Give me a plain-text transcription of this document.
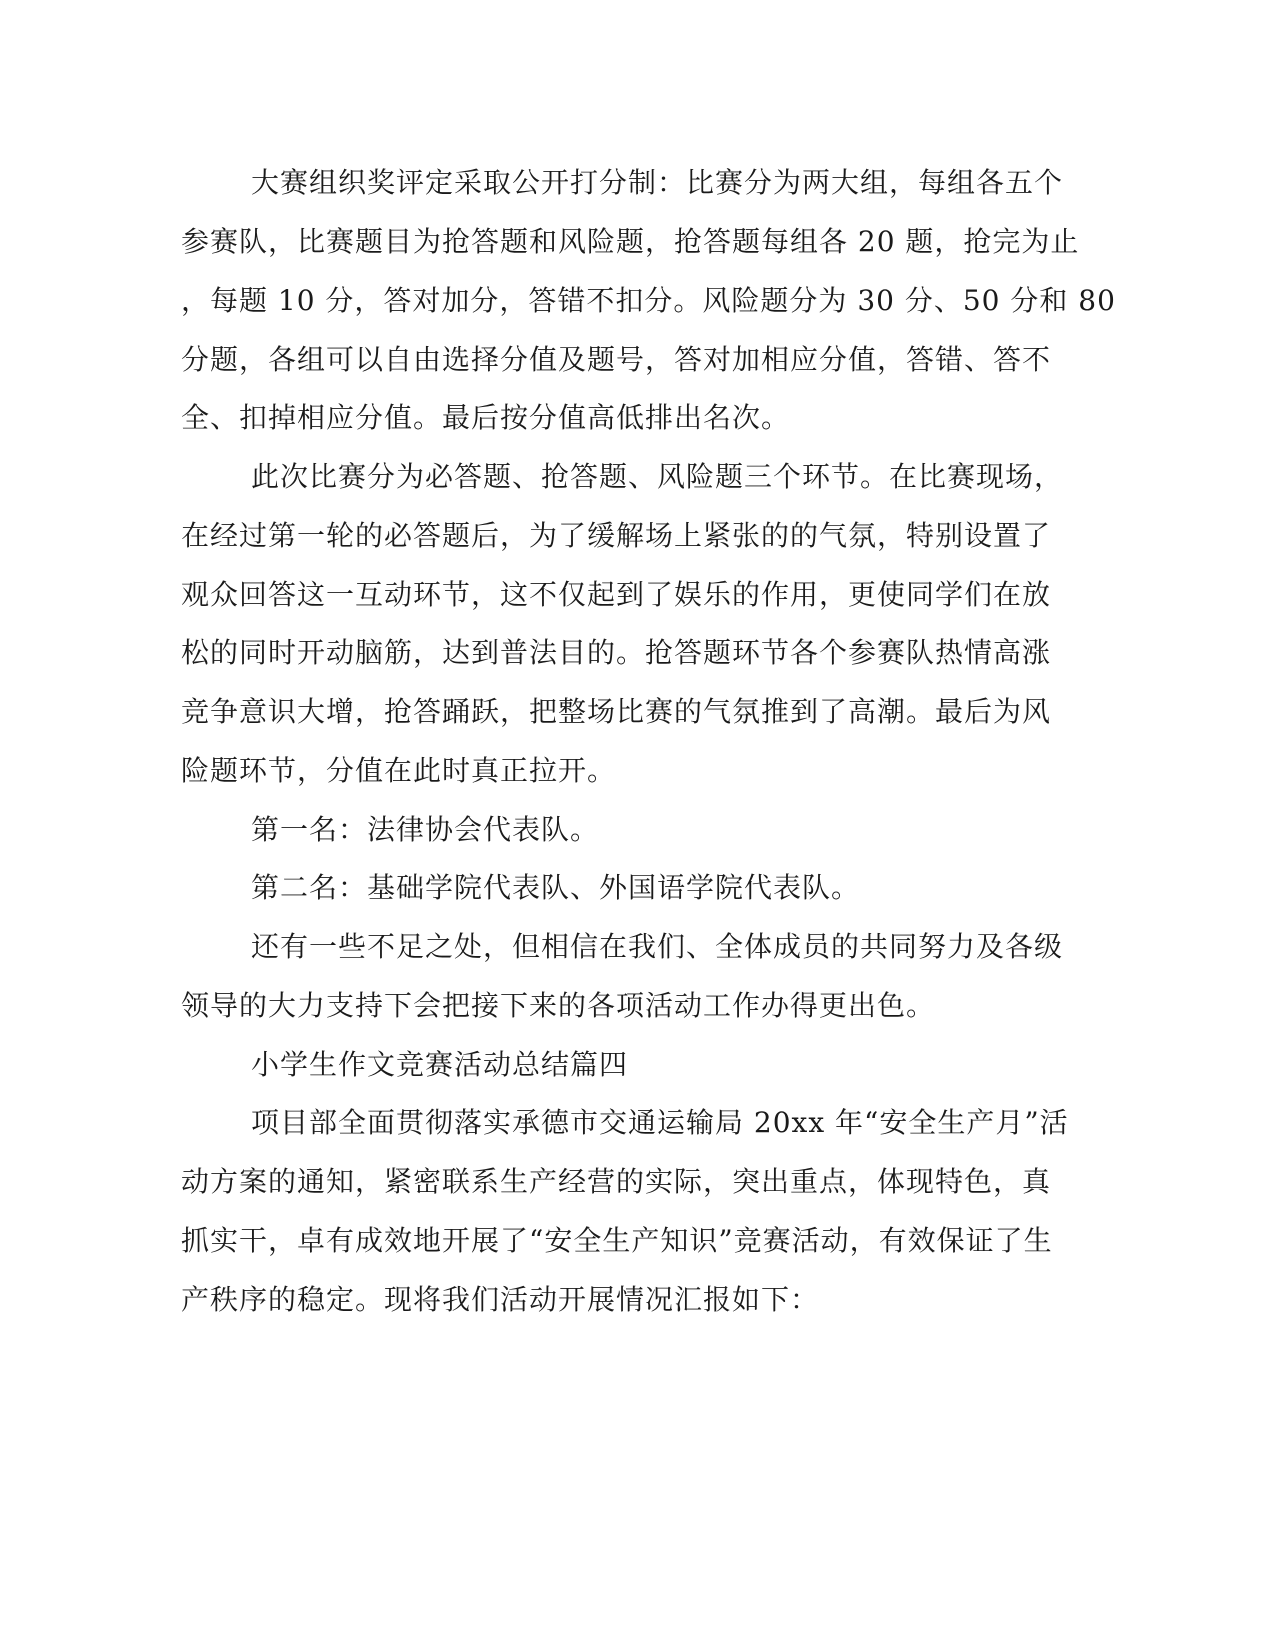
大赛组织奖评定采取公开打分制：比赛分为两大组，每组各五个
参赛队，比赛题目为抢答题和风险题，抢答题每组各 20 题，抢完为止
，每题 10 分，答对加分，答错不扣分。风险题分为 30 分、50 分和 80
分题，各组可以自由选择分值及题号，答对加相应分值，答错、答不
全、扣掉相应分值。最后按分值高低排出名次。
此次比赛分为必答题、抢答题、风险题三个环节。在比赛现场，
在经过第一轮的必答题后，为了缓解场上紧张的的气氛，特别设置了
观众回答这一互动环节，这不仅起到了娱乐的作用，更使同学们在放
松的同时开动脑筋，达到普法目的。抢答题环节各个参赛队热情高涨
竞争意识大增，抢答踊跃，把整场比赛的气氛推到了高潮。最后为风
险题环节，分值在此时真正拉开。
第一名：法律协会代表队。
第二名：基础学院代表队、外国语学院代表队。
还有一些不足之处，但相信在我们、全体成员的共同努力及各级
领导的大力支持下会把接下来的各项活动工作办得更出色。
小学生作文竞赛活动总结篇四
项目部全面贯彻落实承德市交通运输局 20xx 年“安全生产月”活
动方案的通知，紧密联系生产经营的实际，突出重点，体现特色，真
抓实干，卓有成效地开展了“安全生产知识”竞赛活动，有效保证了生
产秩序的稳定。现将我们活动开展情况汇报如下：
